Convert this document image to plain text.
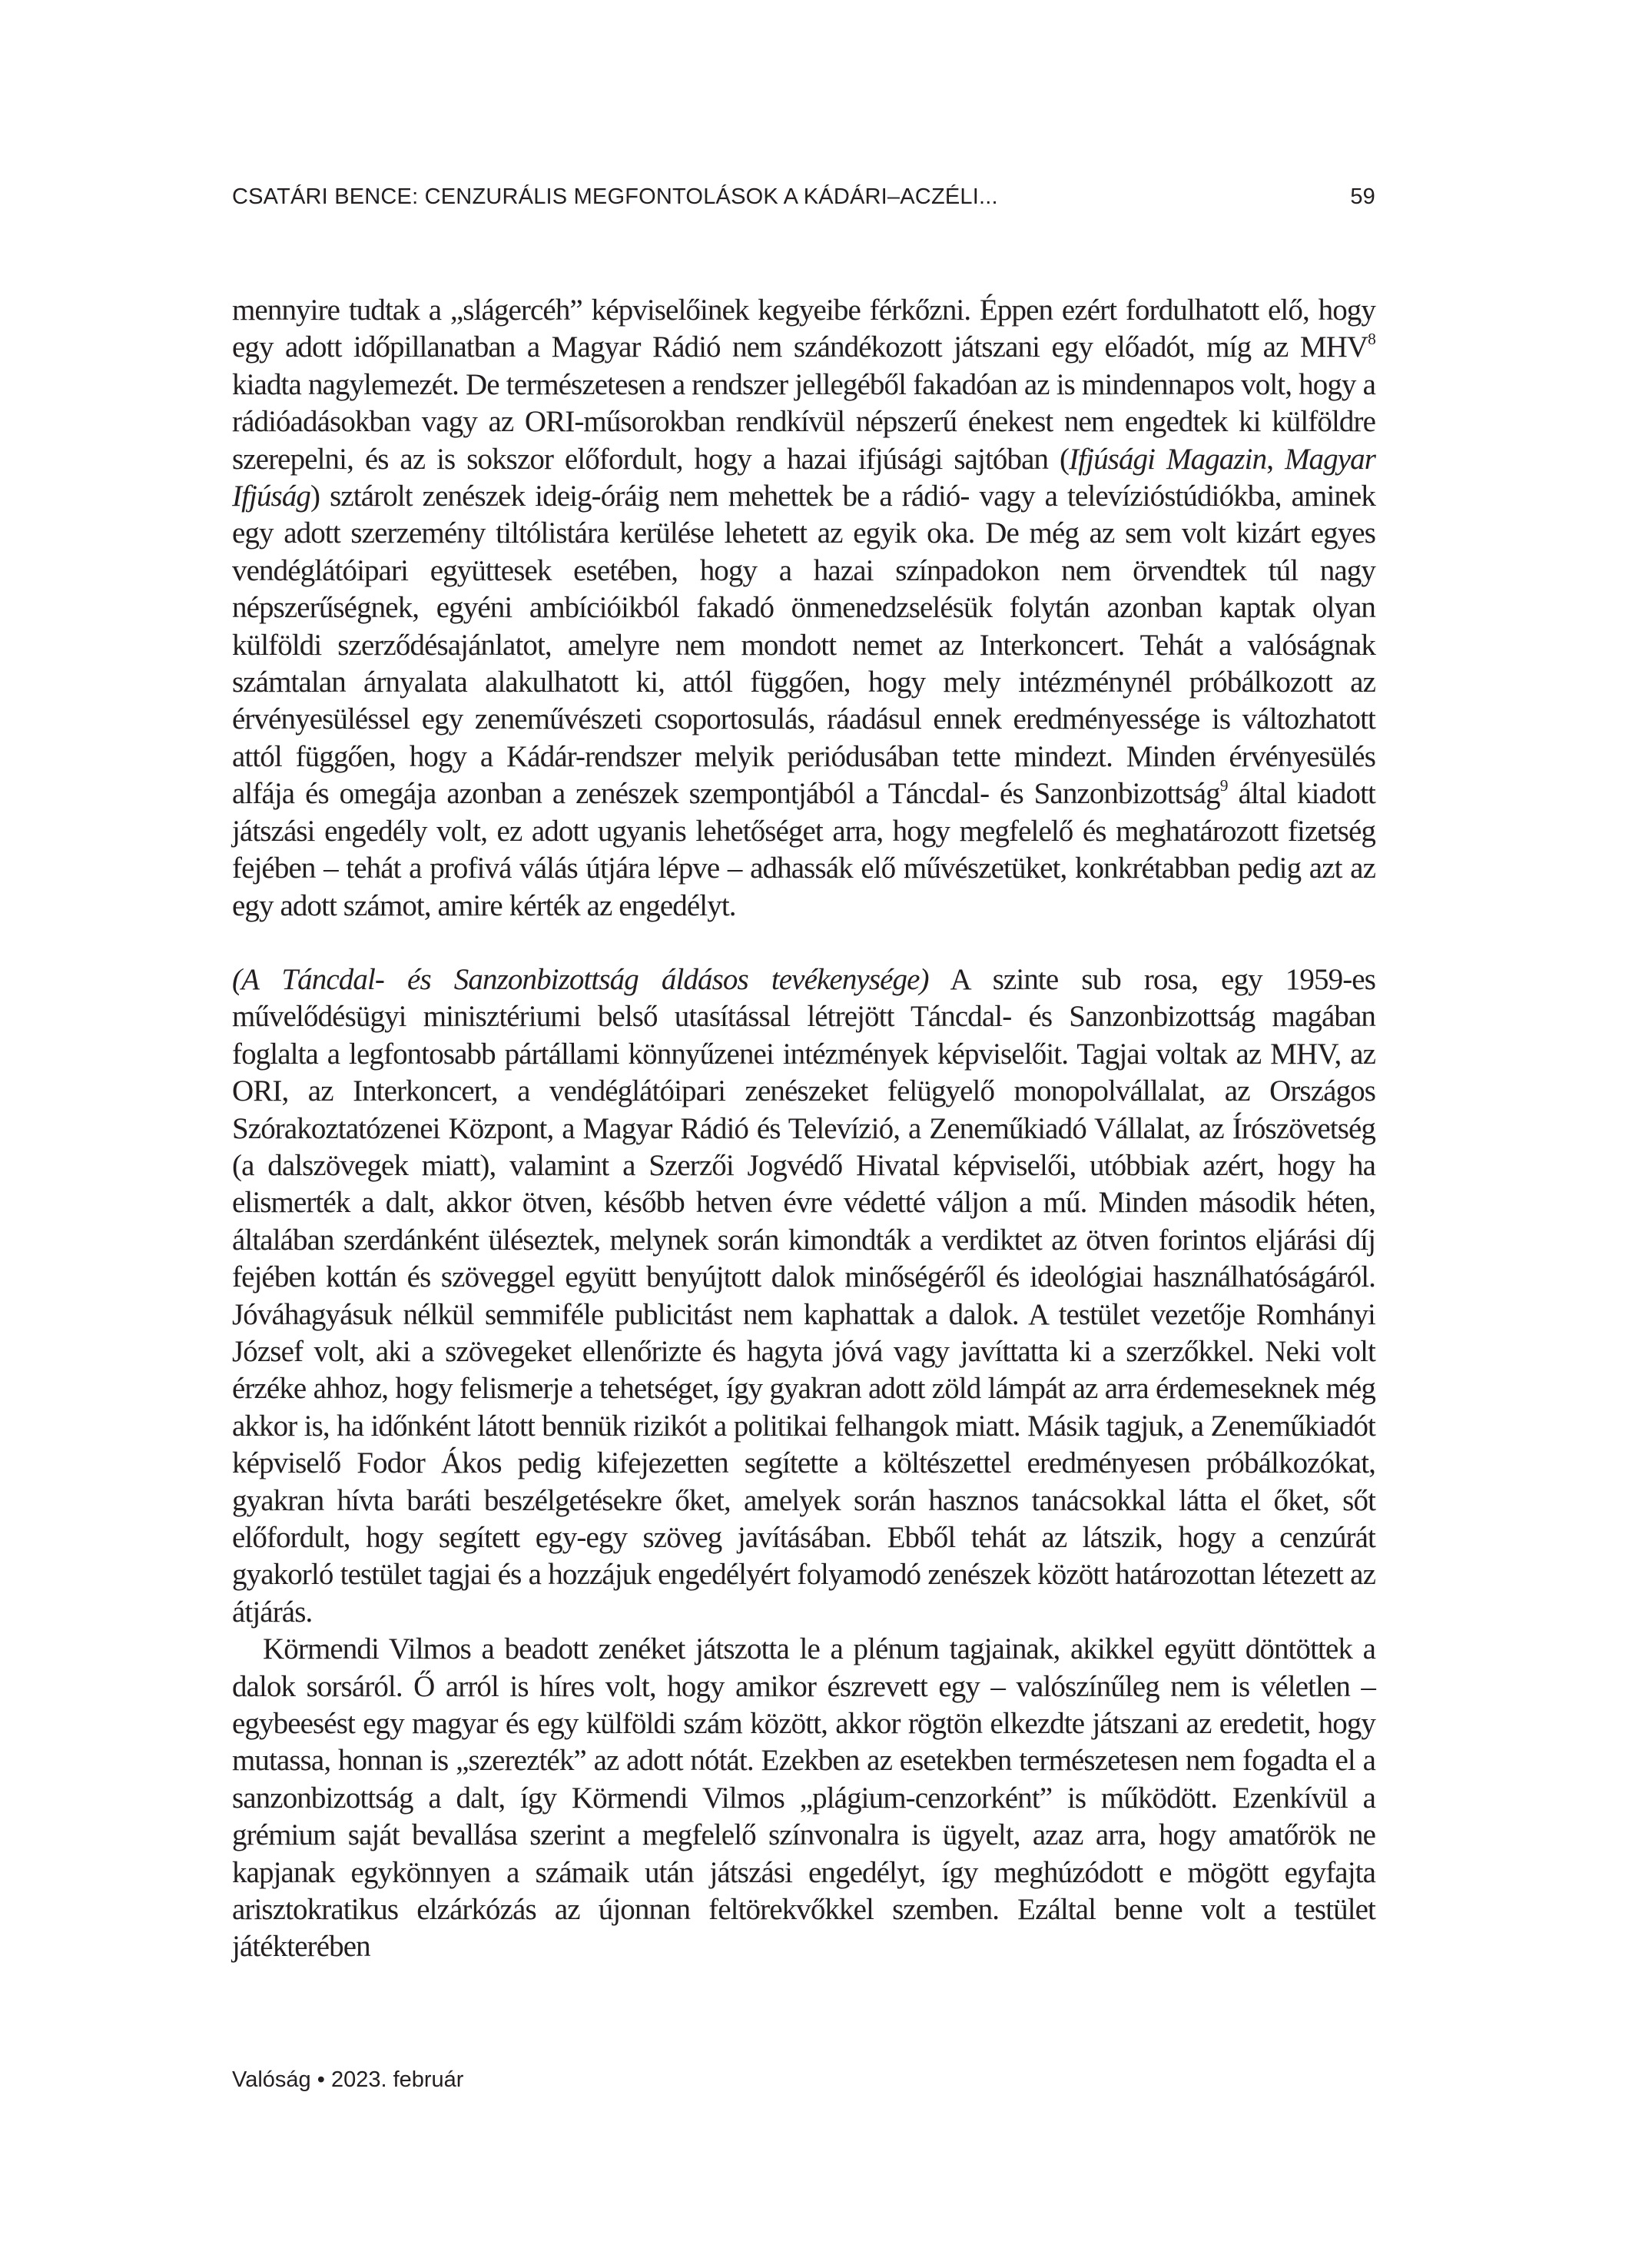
CSATÁRI BENCE: CENZURÁLIS MEGFONTOLÁSOK A KÁDÁRI–ACZÉLI...	59

mennyire tudtak a „slágercéh” képviselőinek kegyeibe férkőzni. Éppen ezért fordulhatott elő, hogy egy adott időpillanatban a Magyar Rádió nem szándékozott játszani egy előadót, míg az MHV$^8$ kiadta nagylemezét. De természetesen a rendszer jellegéből fakadóan az is mindennapos volt, hogy a rádióadásokban vagy az ORI-műsorokban rendkívül népszerű énekest nem engedtek ki külföldre szerepelni, és az is sokszor előfordult, hogy a hazai ifjúsági sajtóban (Ifjúsági Magazin, Magyar Ifjúság) sztárolt zenészek ideig-óráig nem mehettek be a rádió- vagy a televízióstúdiókba, aminek egy adott szerzemény tiltólistára kerülése lehetett az egyik oka. De még az sem volt kizárt egyes vendéglátóipari együttesek esetében, hogy a hazai színpadokon nem örvendtek túl nagy népszerűségnek, egyéni ambícióikból fakadó önmenedzselésük folytán azonban kaptak olyan külföldi szerződésajánlatot, amelyre nem mondott nemet az Interkoncert. Tehát a valóságnak számtalan árnyalata alakulhatott ki, attól függően, hogy mely intézménynél próbálkozott az érvényesüléssel egy zeneművészeti csoportosulás, ráadásul ennek eredményessége is változhatott attól függően, hogy a Kádár-rendszer melyik periódusában tette mindezt. Minden érvényesülés alfája és omegája azonban a zenészek szempontjából a Táncdal- és Sanzonbizottság$^9$ által kiadott játszási engedély volt, ez adott ugyanis lehetőséget arra, hogy megfelelő és meghatározott fizetség fejében – tehát a profivá válás útjára lépve – adhassák elő művészetüket, konkrétabban pedig azt az egy adott számot, amire kérték az engedélyt.

(A Táncdal- és Sanzonbizottság áldásos tevékenysége) A szinte sub rosa, egy 1959-es művelődésügyi minisztériumi belső utasítással létrejött Táncdal- és Sanzonbizottság magában foglalta a legfontosabb pártállami könnyűzenei intézmények képviselőit. Tagjai voltak az MHV, az ORI, az Interkoncert, a vendéglátóipari zenészeket felügyelő monopolvállalat, az Országos Szórakoztatózenei Központ, a Magyar Rádió és Televízió, a Zeneműkiadó Vállalat, az Írószövetség (a dalszövegek miatt), valamint a Szerzői Jogvédő Hivatal képviselői, utóbbiak azért, hogy ha elismerték a dalt, akkor ötven, később hetven évre védetté váljon a mű. Minden második héten, általában szerdánként üléseztek, melynek során kimondták a verdiktet az ötven forintos eljárási díj fejében kottán és szöveggel együtt benyújtott dalok minőségéről és ideológiai használhatóságáról. Jóváhagyásuk nélkül semmiféle publicitást nem kaphattak a dalok. A testület vezetője Romhányi József volt, aki a szövegeket ellenőrizte és hagyta jóvá vagy javíttatta ki a szerzőkkel. Neki volt érzéke ahhoz, hogy felismerje a tehetséget, így gyakran adott zöld lámpát az arra érdemeseknek még akkor is, ha időnként látott bennük rizikót a politikai felhangok miatt. Másik tagjuk, a Zeneműkiadót képviselő Fodor Ákos pedig kifejezetten segítette a költészettel eredményesen próbálkozókat, gyakran hívta baráti beszélgetésekre őket, amelyek során hasznos tanácsokkal látta el őket, sőt előfordult, hogy segített egy-egy szöveg javításában. Ebből tehát az látszik, hogy a cenzúrát gyakorló testület tagjai és a hozzájuk engedélyért folyamodó zenészek között határozottan létezett az átjárás.

Körmendi Vilmos a beadott zenéket játszotta le a plénum tagjainak, akikkel együtt döntöttek a dalok sorsáról. Ő arról is híres volt, hogy amikor észrevett egy – valószínűleg nem is véletlen – egybeesést egy magyar és egy külföldi szám között, akkor rögtön elkezdte játszani az eredetit, hogy mutassa, honnan is „szerezték” az adott nótát. Ezekben az esetekben természetesen nem fogadta el a sanzonbizottság a dalt, így Körmendi Vilmos „plágium-cenzorként” is működött. Ezenkívül a grémium saját bevallása szerint a megfelelő színvonalra is ügyelt, azaz arra, hogy amatőrök ne kapjanak egykönnyen a számaik után játszási engedélyt, így meghúzódott e mögött egyfajta arisztokratikus elzárkózás az újonnan feltörekvőkkel szemben. Ezáltal benne volt a testület játékterében

Valóság • 2023. február
